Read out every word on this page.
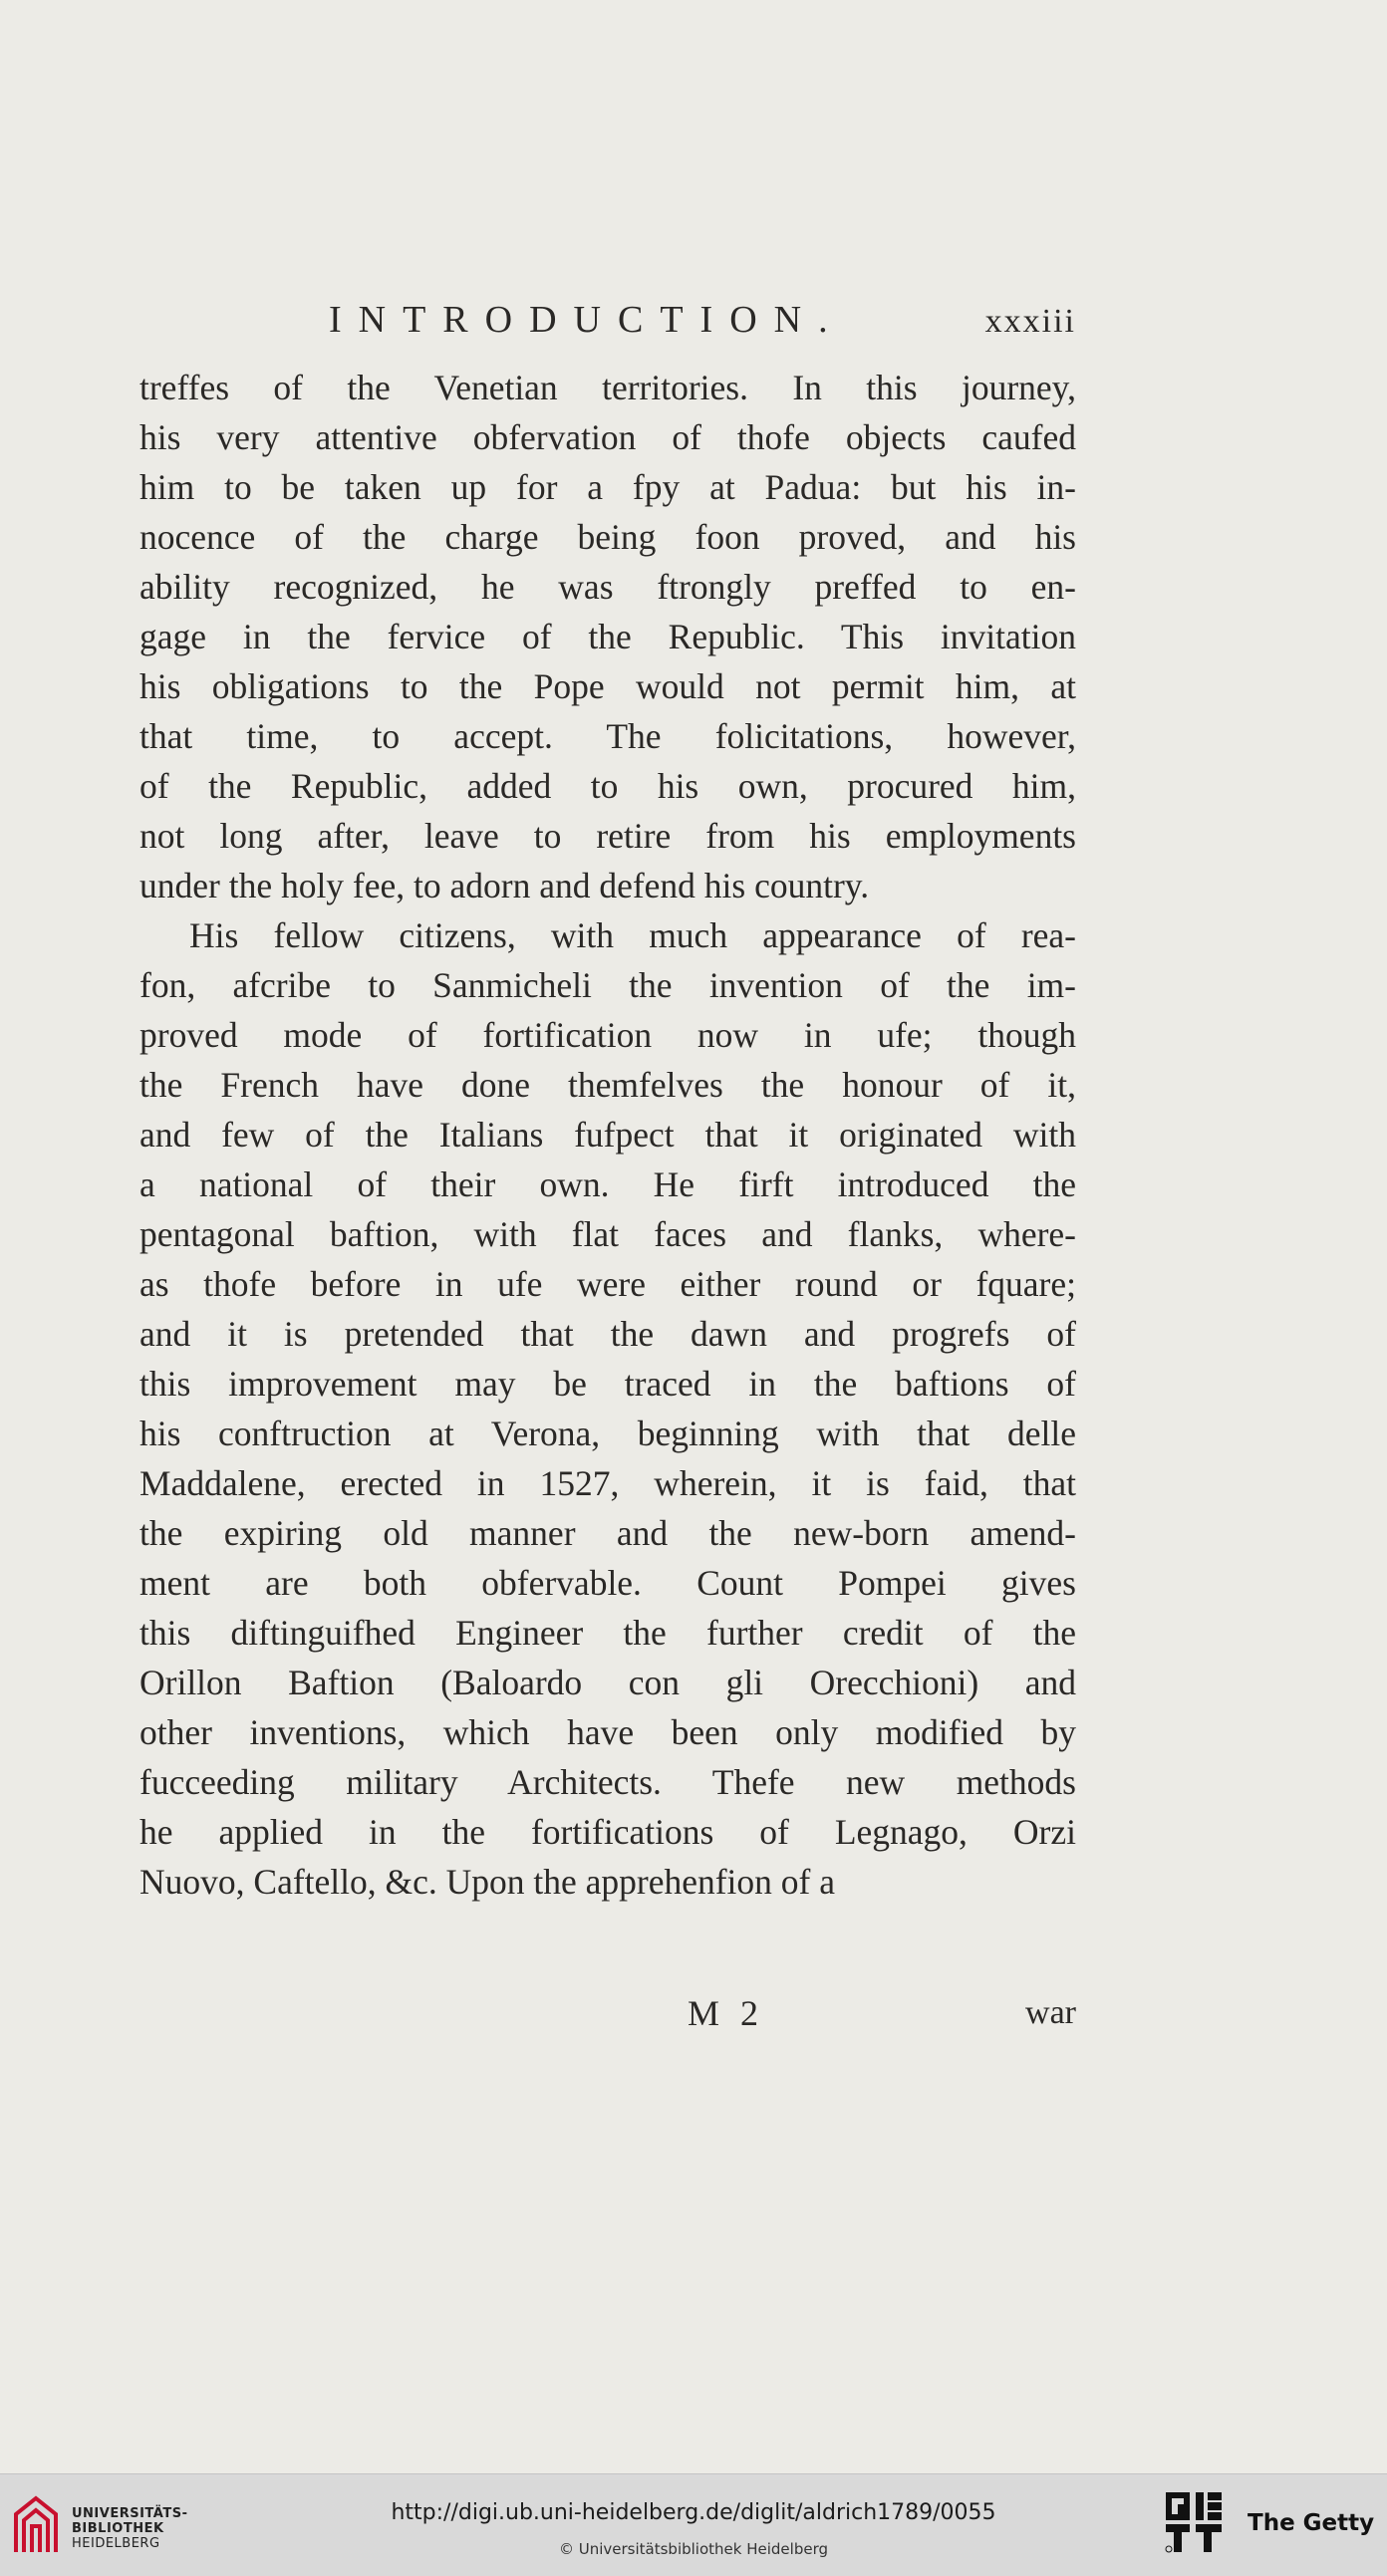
INTRODUCTION.	xxxiii
treffes of the Venetian territories. In this journey,
his very attentive obfervation of thofe objects caufed
him to be taken up for a fpy at Padua: but his in-
nocence of the charge being foon proved, and his
ability recognized, he was ftrongly preffed to en-
gage in the fervice of the Republic. This invitation
his obligations to the Pope would not permit him, at
that time, to accept. The folicitations, however,
of the Republic, added to his own, procured him,
not long after, leave to retire from his employments
under the holy fee, to adorn and defend his country.
His fellow citizens, with much appearance of rea-
fon, afcribe to Sanmicheli the invention of the im-
proved mode of fortification now in ufe; though
the French have done themfelves the honour of it,
and few of the Italians fufpect that it originated with
a national of their own. He firft introduced the
pentagonal baftion, with flat faces and flanks, where-
as thofe before in ufe were either round or fquare;
and it is pretended that the dawn and progrefs of
this improvement may be traced in the baftions of
his conftruction at Verona, beginning with that delle
Maddalene, erected in 1527, wherein, it is faid, that
the expiring old manner and the new-born amend-
ment are both obfervable. Count Pompei gives
this diftinguifhed Engineer the further credit of the
Orillon Baftion (Baloardo con gli Orecchioni) and
other inventions, which have been only modified by
fucceeding military Architects. Thefe new methods
he applied in the fortifications of Legnago, Orzi
Nuovo, Caftello, &c. Upon the apprehenfion of a
M 2	war
UNIVERSITÄTS-
BIBLIOTHEK
HEIDELBERG
http://digi.ub.uni-heidelberg.de/diglit/aldrich1789/0055
© Universitätsbibliothek Heidelberg
The Getty
